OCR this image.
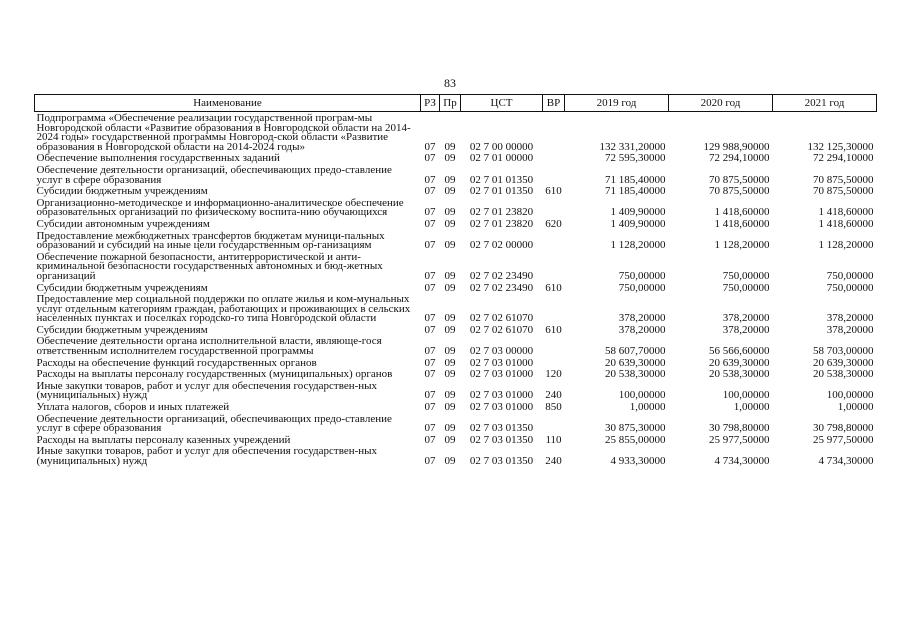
83
Наименование	РЗ	Пр	ЦСТ	ВР	2019 год	2020 год	2021 год
Подпрограмма «Обеспечение реализации государственной програм-мы Новгородской области «Развитие образования в Новгородской области на 2014-2024 годы» государственной программы Новгород-ской области «Развитие образования в Новгородской области на 2014-2024 годы»	07	09	02 7 00 00000		132 331,20000	129 988,90000	132 125,30000
Обеспечение выполнения государственных заданий	07	09	02 7 01 00000		72 595,30000	72 294,10000	72 294,10000
Обеспечение деятельности организаций, обеспечивающих предо-ставление услуг в сфере образования	07	09	02 7 01 01350		71 185,40000	70 875,50000	70 875,50000
Субсидии бюджетным учреждениям	07	09	02 7 01 01350	610	71 185,40000	70 875,50000	70 875,50000
Организационно-методическое и информационно-аналитическое обеспечение образовательных организаций по физическому воспита-нию обучающихся	07	09	02 7 01 23820		1 409,90000	1 418,60000	1 418,60000
Субсидии автономным учреждениям	07	09	02 7 01 23820	620	1 409,90000	1 418,60000	1 418,60000
Предоставление межбюджетных трансфертов бюджетам муници-пальных образований и субсидий на иные цели государственным ор-ганизациям	07	09	02 7 02 00000		1 128,20000	1 128,20000	1 128,20000
Обеспечение пожарной безопасности, антитеррористической и анти-криминальной безопасности государственных автономных и бюд-жетных организаций	07	09	02 7 02 23490		750,00000	750,00000	750,00000
Субсидии бюджетным учреждениям	07	09	02 7 02 23490	610	750,00000	750,00000	750,00000
Предоставление мер социальной поддержки по оплате жилья и ком-мунальных услуг отдельным категориям граждан, работающих и проживающих в сельских населенных пунктах и поселках городско-го типа Новгородской области	07	09	02 7 02 61070		378,20000	378,20000	378,20000
Субсидии бюджетным учреждениям	07	09	02 7 02 61070	610	378,20000	378,20000	378,20000
Обеспечение деятельности органа исполнительной власти, являюще-гося ответственным исполнителем государственной программы	07	09	02 7 03 00000		58 607,70000	56 566,60000	58 703,00000
Расходы на обеспечение функций государственных органов	07	09	02 7 03 01000		20 639,30000	20 639,30000	20 639,30000
Расходы на выплаты персоналу государственных (муниципальных) органов	07	09	02 7 03 01000	120	20 538,30000	20 538,30000	20 538,30000
Иные закупки товаров, работ и услуг для обеспечения государствен-ных (муниципальных) нужд	07	09	02 7 03 01000	240	100,00000	100,00000	100,00000
Уплата налогов, сборов и иных платежей	07	09	02 7 03 01000	850	1,00000	1,00000	1,00000
Обеспечение деятельности организаций, обеспечивающих предо-ставление услуг в сфере образования	07	09	02 7 03 01350		30 875,30000	30 798,80000	30 798,80000
Расходы на выплаты персоналу казенных учреждений	07	09	02 7 03 01350	110	25 855,00000	25 977,50000	25 977,50000
Иные закупки товаров, работ и услуг для обеспечения государствен-ных (муниципальных) нужд	07	09	02 7 03 01350	240	4 933,30000	4 734,30000	4 734,30000
